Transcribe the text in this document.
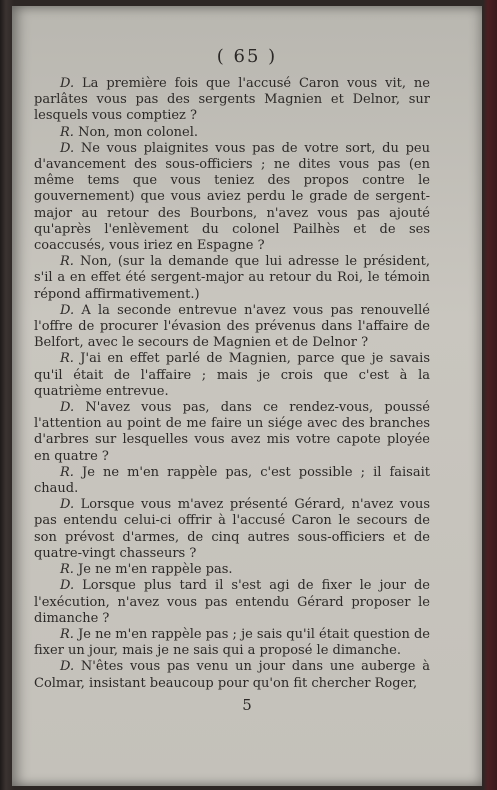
( 65 )

D. La première fois que l'accusé Caron vous vit, ne parlâtes vous pas des sergents Magnien et Delnor, sur lesquels vous comptiez ?

R. Non, mon colonel.

D. Ne vous plaignites vous pas de votre sort, du peu d'avancement des sous-officiers ; ne dites vous pas (en même tems que vous teniez des propos contre le gouvernement) que vous aviez perdu le grade de sergent-major au retour des Bourbons, n'avez vous pas ajouté qu'après l'enlèvement du colonel Pailhès et de ses coaccusés, vous iriez en Espagne ?

R. Non, (sur la demande que lui adresse le président, s'il a en effet été sergent-major au retour du Roi, le témoin répond affirmativement.)

D. A la seconde entrevue n'avez vous pas renouvellé l'offre de procurer l'évasion des prévenus dans l'affaire de Belfort, avec le secours de Magnien et de Delnor ?

R. J'ai en effet parlé de Magnien, parce que je savais qu'il était de l'affaire ; mais je crois que c'est à la quatrième entrevue.

D. N'avez vous pas, dans ce rendez-vous, poussé l'attention au point de me faire un siége avec des branches d'arbres sur lesquelles vous avez mis votre capote ployée en quatre ?

R. Je ne m'en rappèle pas, c'est possible ; il faisait chaud.

D. Lorsque vous m'avez présenté Gérard, n'avez vous pas entendu celui-ci offrir à l'accusé Caron le secours de son prévost d'armes, de cinq autres sous-officiers et de quatre-vingt chasseurs ?

R. Je ne m'en rappèle pas.

D. Lorsque plus tard il s'est agi de fixer le jour de l'exécution, n'avez vous pas entendu Gérard proposer le dimanche ?

R. Je ne m'en rappèle pas ; je sais qu'il était question de fixer un jour, mais je ne sais qui a proposé le dimanche.

D. N'êtes vous pas venu un jour dans une auberge à Colmar, insistant beaucoup pour qu'on fit chercher Roger,

5
